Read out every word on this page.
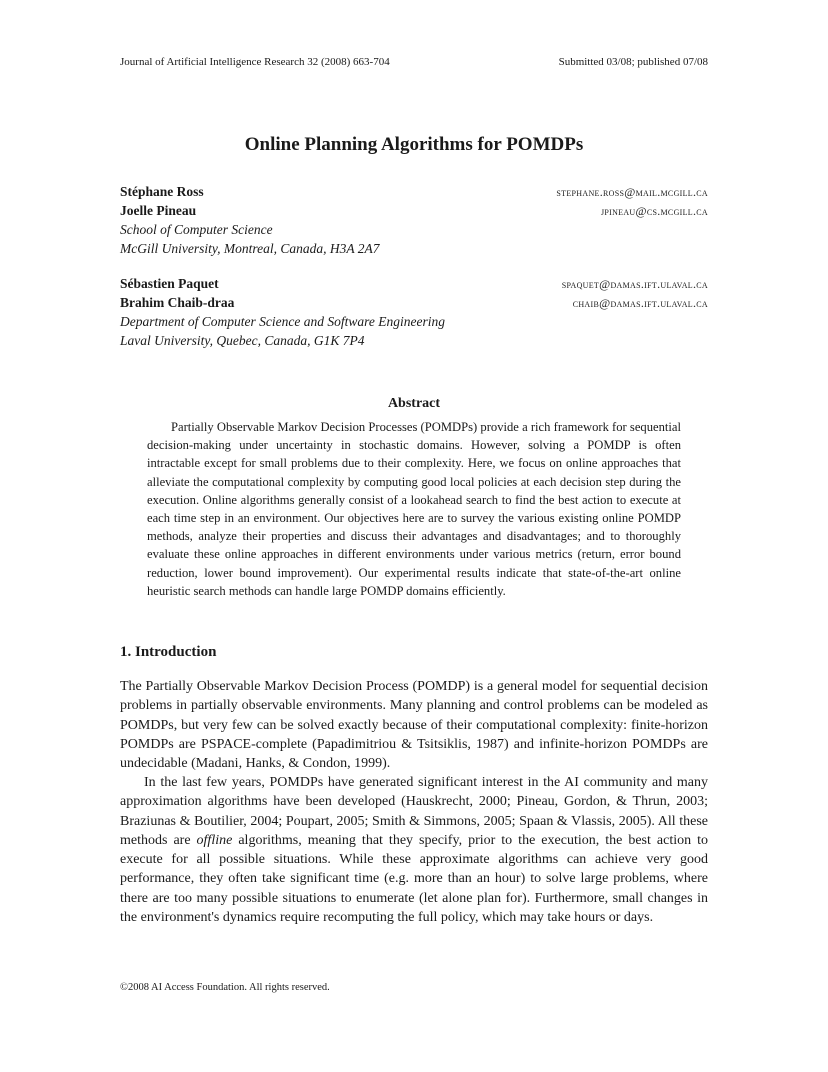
Journal of Artificial Intelligence Research 32 (2008) 663-704	Submitted 03/08; published 07/08
Online Planning Algorithms for POMDPs
Stéphane Ross	stephane.ross@mail.mcgill.ca
Joelle Pineau	jpineau@cs.mcgill.ca
School of Computer Science
McGill University, Montreal, Canada, H3A 2A7
Sébastien Paquet	spaquet@damas.ift.ulaval.ca
Brahim Chaib-draa	chaib@damas.ift.ulaval.ca
Department of Computer Science and Software Engineering
Laval University, Quebec, Canada, G1K 7P4
Abstract
Partially Observable Markov Decision Processes (POMDPs) provide a rich framework for sequential decision-making under uncertainty in stochastic domains. However, solving a POMDP is often intractable except for small problems due to their complexity. Here, we focus on online approaches that alleviate the computational complexity by computing good local policies at each decision step during the execution. Online algorithms generally consist of a lookahead search to find the best action to execute at each time step in an environment. Our objectives here are to survey the various existing online POMDP methods, analyze their properties and discuss their advantages and disadvantages; and to thoroughly evaluate these online approaches in different environments under various metrics (return, error bound reduction, lower bound improvement). Our experimental results indicate that state-of-the-art online heuristic search methods can handle large POMDP domains efficiently.
1. Introduction
The Partially Observable Markov Decision Process (POMDP) is a general model for sequential decision problems in partially observable environments. Many planning and control problems can be modeled as POMDPs, but very few can be solved exactly because of their computational complexity: finite-horizon POMDPs are PSPACE-complete (Papadimitriou & Tsitsiklis, 1987) and infinite-horizon POMDPs are undecidable (Madani, Hanks, & Condon, 1999).
In the last few years, POMDPs have generated significant interest in the AI community and many approximation algorithms have been developed (Hauskrecht, 2000; Pineau, Gordon, & Thrun, 2003; Braziunas & Boutilier, 2004; Poupart, 2005; Smith & Simmons, 2005; Spaan & Vlassis, 2005). All these methods are offline algorithms, meaning that they specify, prior to the execution, the best action to execute for all possible situations. While these approximate algorithms can achieve very good performance, they often take significant time (e.g. more than an hour) to solve large problems, where there are too many possible situations to enumerate (let alone plan for). Furthermore, small changes in the environment's dynamics require recomputing the full policy, which may take hours or days.
©2008 AI Access Foundation. All rights reserved.
